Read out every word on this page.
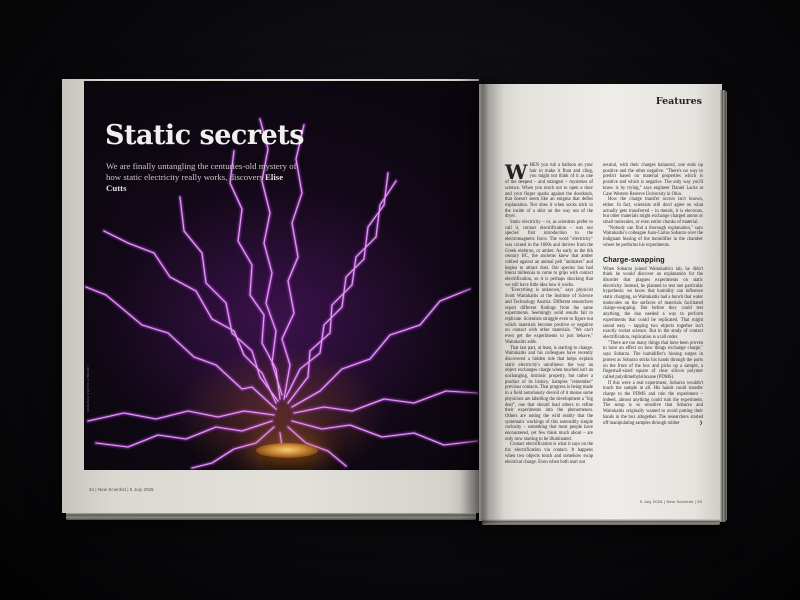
Static secrets

We are finally untangling the centuries-old mystery of how static electricity really works, discovers Elise Cutts

SCIENCE PHOTO LIBRARY
34 | New Scientist | 5 July 2025
Features

WHEN you rub a balloon on your hair to make it float and cling, you might not think of it as one of the deepest – and strangest – mysteries of science. When you reach out to open a door and your finger sparks against the doorknob, that doesn't seem like an enigma that defies explanation. Nor does it when socks stick to the inside of a shirt on the way out of the dryer.

Static electricity – or, as scientists prefer to call it, contact electrification – was our species' first introduction to the electromagnetic force. The word "electricity" was coined in the 1600s and derives from the Greek elektron, or amber. As early as the 6th century BC, the ancients knew that amber rubbed against an animal pelt "animates" and begins to attract dust. Our species has had literal millennia to come to grips with contact electrification, so it is perhaps shocking that we still have little idea how it works.

"Everything is unknown," says physicist Scott Waitukaitis at the Institute of Science and Technology Austria. Different researchers report different findings from the same experiments. Seemingly solid results fail to replicate. Scientists struggle even to figure out which materials become positive or negative on contact with other materials. "We can't even get the experiments to just behave," Waitukaitis adds.

That last part, at least, is starting to change. Waitukaitis and his colleagues have recently discovered a hidden rule that helps explain static electricity's unruliness: the way an object exchanges charge when touched isn't an unchanging, intrinsic property, but rather a product of its history. Samples "remember" previous contacts. That progress is being made in a field notoriously devoid of it means some physicists are labelling the development a "big deal", one that should lead others to refine their experiments into the phenomenon. Others are noting the wild reality that the systematic workings of this ostensibly simple curiosity – something that most people have encountered, yet few think much about – are only now starting to be illuminated.

Contact electrification is what it says on the tin: electrification via contact. It happens when two objects touch and somehow swap electrical charge. Even when both start out

neutral, with their charges balanced, one ends up positive and the other negative. "There's no way to predict based on material properties which is positive and which is negative. The only way you'll know is by trying," says engineer Daniel Lacks at Case Western Reserve University in Ohio.

How the charge transfer occurs isn't known, either. In fact, scientists still don't agree on what actually gets transferred – in metals, it is electrons, but other materials might exchange charged atoms or small molecules, or even entire chunks of material.

"Nobody can find a thorough explanation," says Waitukaitis's colleague Juan-Carlos Sobarzo over the indignant hissing of the humidifier in the chamber where he performs his experiments.

Charge-swapping

When Sobarzo joined Waitukaitis's lab, he didn't think he would discover an explanation for the disorder that plagues experiments on static electricity. Instead, he planned to test one particular hypothesis: we know that humidity can influence static charging, so Waitukaitis had a hunch that water molecules on the surfaces of materials facilitated charge-swapping. But before they could test anything, the duo needed a way to perform experiments that could be replicated. That might sound easy – tapping two objects together isn't exactly rocket science. But in the study of contact electrification, replication is a tall order.

"There are too many things that have been proven to have an effect on how things exchange charge," says Sobarzo. The humidifier's hissing surges in protest as Sobarzo sticks his hands through the ports on the front of the box and picks up a sample, a fingernail-sized square of clear silicon polymer called polydimethylsiloxane (PDMS).

If this were a real experiment, Sobarzo wouldn't touch the sample at all. His hands could transfer charge to the PDMS and ruin the experiment – indeed, almost anything could ruin the experiment. The setup is so sensitive that Sobarzo and Waitukaitis originally wanted to avoid putting their hands in the box altogether. The researchers started off manipulating samples through rubber	❯
5 July 2025 | New Scientist | 35
